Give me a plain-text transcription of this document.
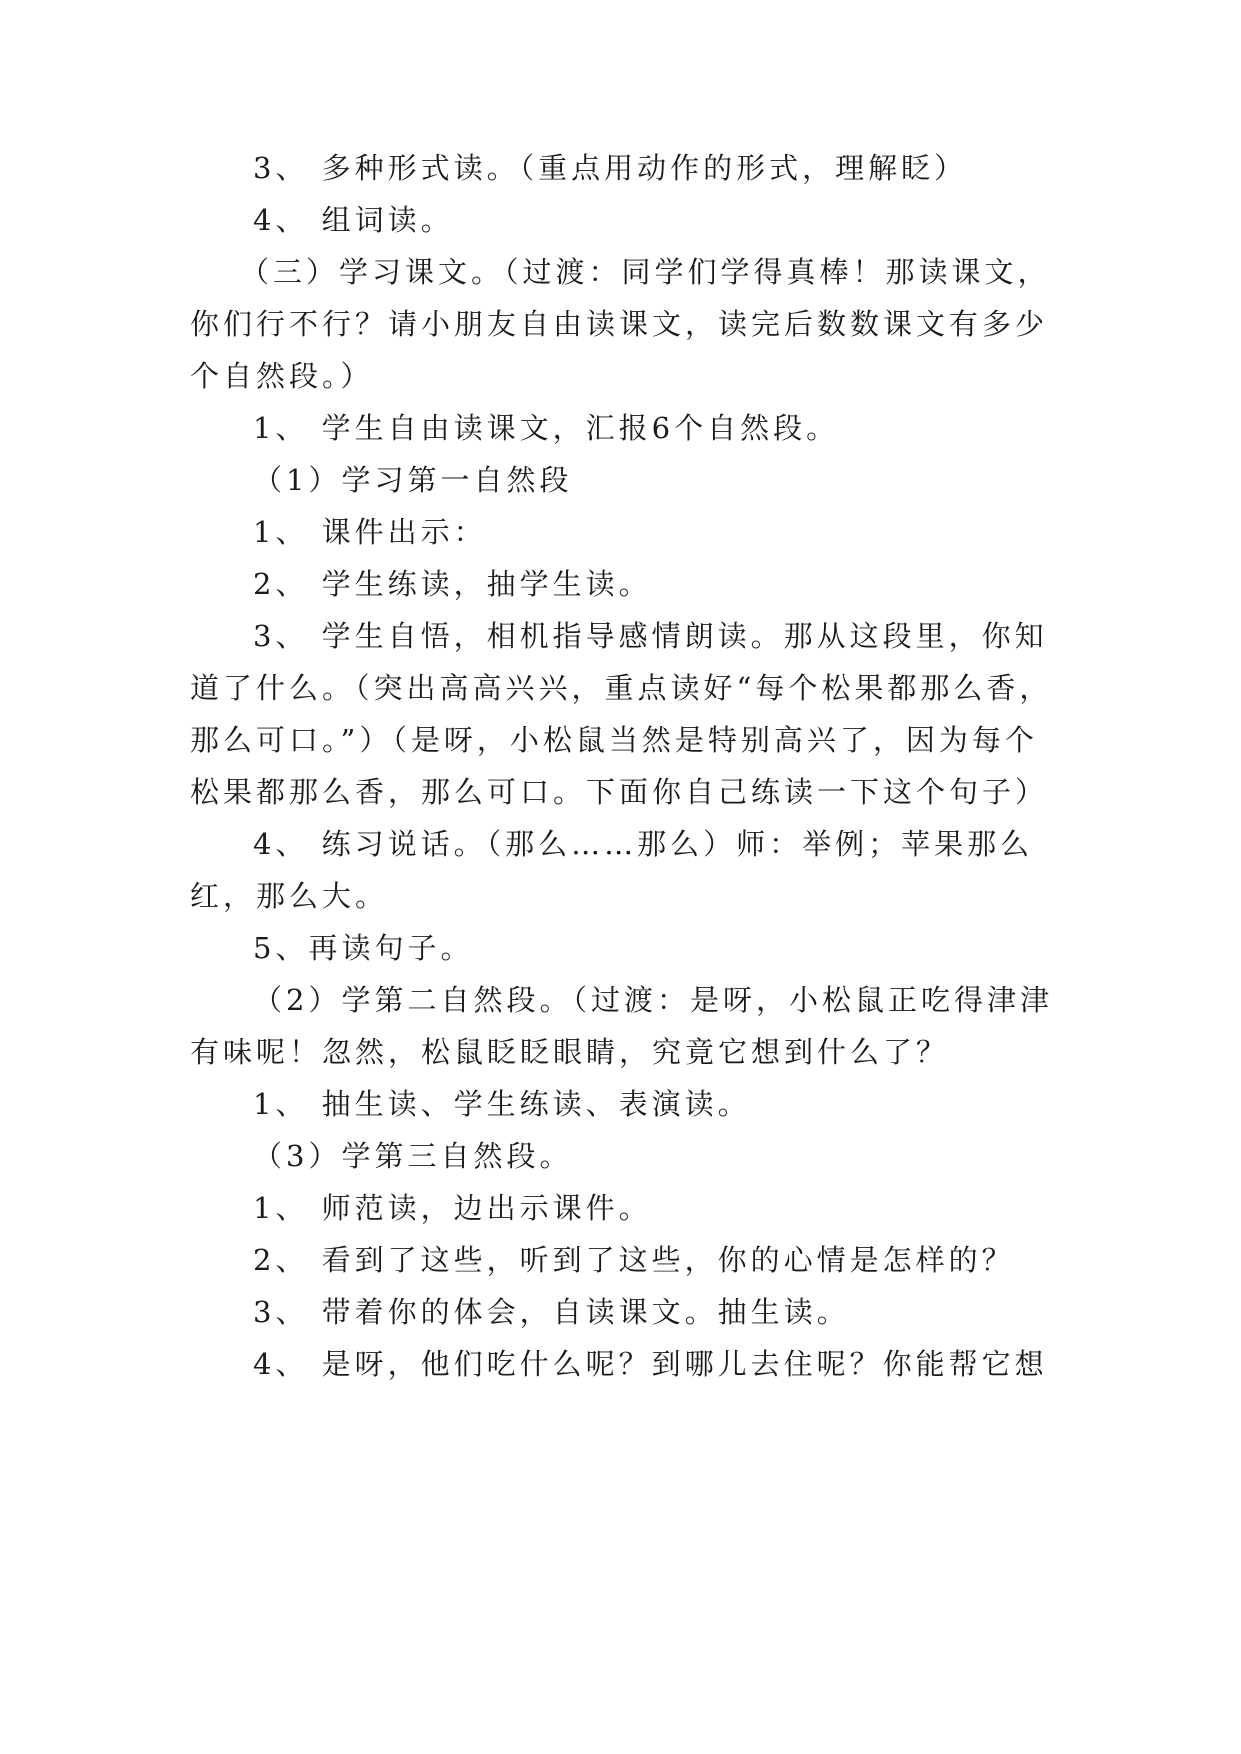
3、 多种形式读。（重点用动作的形式，理解眨）
4、 组词读。
（三）学习课文。（过渡：同学们学得真棒！那读课文，
你们行不行？请小朋友自由读课文，读完后数数课文有多少
个自然段。）
1、 学生自由读课文，汇报6个自然段。
（1）学习第一自然段
1、 课件出示：
2、 学生练读，抽学生读。
3、 学生自悟，相机指导感情朗读。那从这段里，你知
道了什么。（突出高高兴兴，重点读好“每个松果都那么香，
那么可口。”）（是呀，小松鼠当然是特别高兴了，因为每个
松果都那么香，那么可口。下面你自己练读一下这个句子）
4、 练习说话。（那么……那么）师：举例；苹果那么
红，那么大。
5、再读句子。
（2）学第二自然段。（过渡：是呀，小松鼠正吃得津津
有味呢！忽然，松鼠眨眨眼睛，究竟它想到什么了？
1、 抽生读、学生练读、表演读。
（3）学第三自然段。
1、 师范读，边出示课件。
2、 看到了这些，听到了这些，你的心情是怎样的？
3、 带着你的体会，自读课文。抽生读。
4、 是呀，他们吃什么呢？到哪儿去住呢？你能帮它想
